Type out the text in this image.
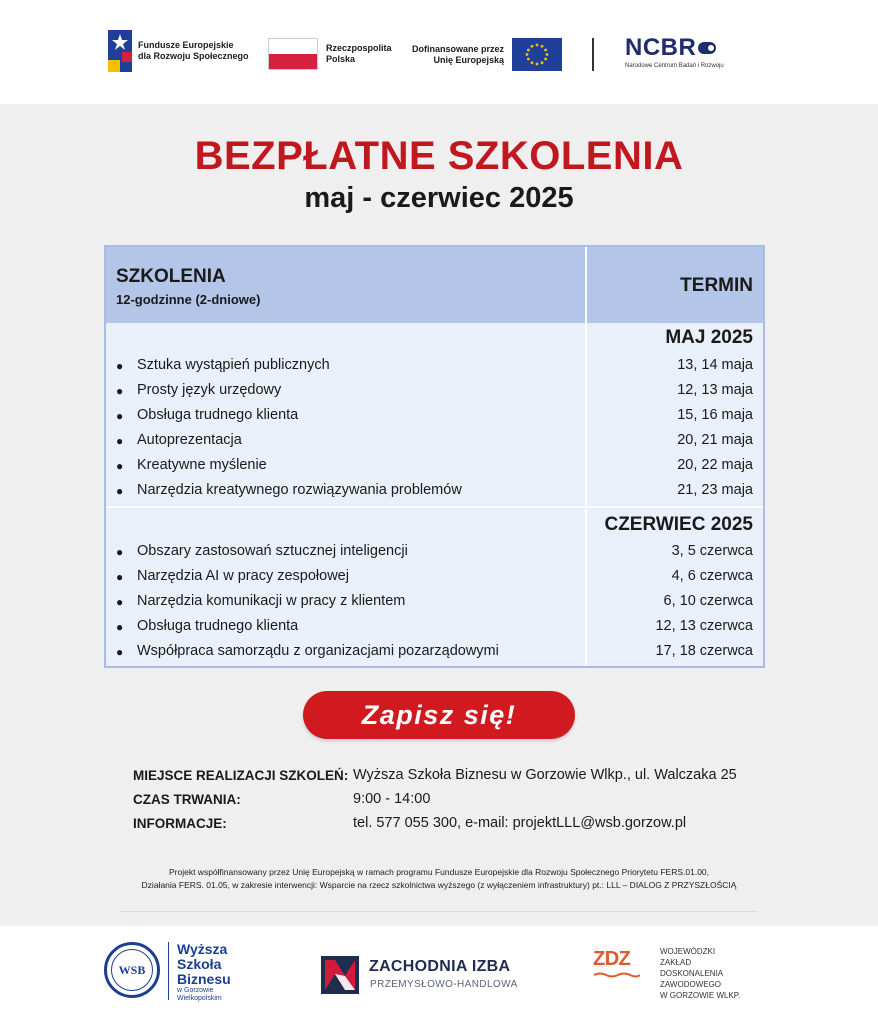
Fundusze Europejskie
dla Rozwoju Społecznego
Rzeczpospolita
Polska
Dofinansowane przez
Unię Europejską	NCBR
Narodowe Centrum Badań i Rozwoju
BEZPŁATNE SZKOLENIA
maj - czerwiec 2025
SZKOLENIA
12-godzinne (2-dniowe)
TERMIN
MAJ 2025
● Sztuka wystąpień publicznych	13, 14 maja
● Prosty język urzędowy	12, 13 maja
● Obsługa trudnego klienta	15, 16 maja
● Autoprezentacja	20, 21 maja
● Kreatywne myślenie	20, 22 maja
● Narzędzia kreatywnego rozwiązywania problemów	21, 23 maja
CZERWIEC 2025
● Obszary zastosowań sztucznej inteligencji	3, 5 czerwca
● Narzędzia AI w pracy zespołowej	4, 6 czerwca
● Narzędzia komunikacji w pracy z klientem	6, 10 czerwca
● Obsługa trudnego klienta	12, 13 czerwca
● Współpraca samorządu z organizacjami pozarządowymi	17, 18 czerwca
Zapisz się!
MIEJSCE REALIZACJI SZKOLEŃ: Wyższa Szkoła Biznesu w Gorzowie Wlkp., ul. Walczaka 25
CZAS TRWANIA:	9:00 - 14:00
INFORMACJE:	tel. 577 055 300, e-mail: projektLLL@wsb.gorzow.pl
Projekt współfinansowany przez Unię Europejską w ramach programu Fundusze Europejskie dla Rozwoju Społecznego Priorytetu FERS.01.00,
Działania FERS. 01.05, w zakresie interwencji: Wsparcie na rzecz szkolnictwa wyższego (z wyłączeniem infrastruktury) pt.: LLL – DIALOG Z PRZYSZŁOŚCIĄ
WSB
Wyższa
Szkoła
Biznesu
w Gorzowie
Wielkopolskim
ZACHODNIA IZBA
PRZEMYSŁOWO-HANDLOWA
ZDZ	WOJEWÓDZKI
ZAKŁAD
DOSKONALENIA
ZAWODOWEGO
W GORZOWIE WLKP.
